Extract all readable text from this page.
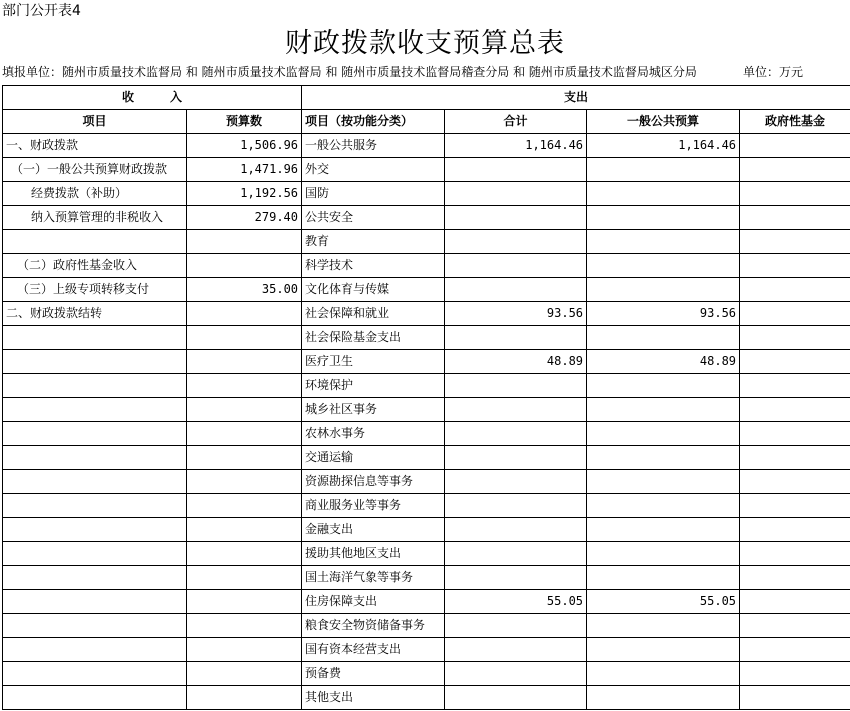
部门公开表4
财政拨款收支预算总表
填报单位：随州市质量技术监督局 和 随州市质量技术监督局 和 随州市质量技术监督局稽查分局 和 随州市质量技术监督局城区分局	单位：万元
收　　　入		支出			
项目	预算数	项目（按功能分类）	合计	一般公共预算	政府性基金
一、财政拨款	1,506.96	一般公共服务	1,164.46	1,164.46	
（一）一般公共预算财政拨款	1,471.96	外交			
经费拨款（补助）	1,192.56	国防			
纳入预算管理的非税收入	279.40	公共安全			
		教育			
（二）政府性基金收入		科学技术			
（三）上级专项转移支付	35.00	文化体育与传媒			
二、财政拨款结转		社会保障和就业	93.56	93.56	
		社会保险基金支出			
		医疗卫生	48.89	48.89	
		环境保护			
		城乡社区事务			
		农林水事务			
		交通运输			
		资源勘探信息等事务			
		商业服务业等事务			
		金融支出			
		援助其他地区支出			
		国土海洋气象等事务			
		住房保障支出	55.05	55.05	
		粮食安全物资储备事务			
		国有资本经营支出			
		预备费			
		其他支出			
